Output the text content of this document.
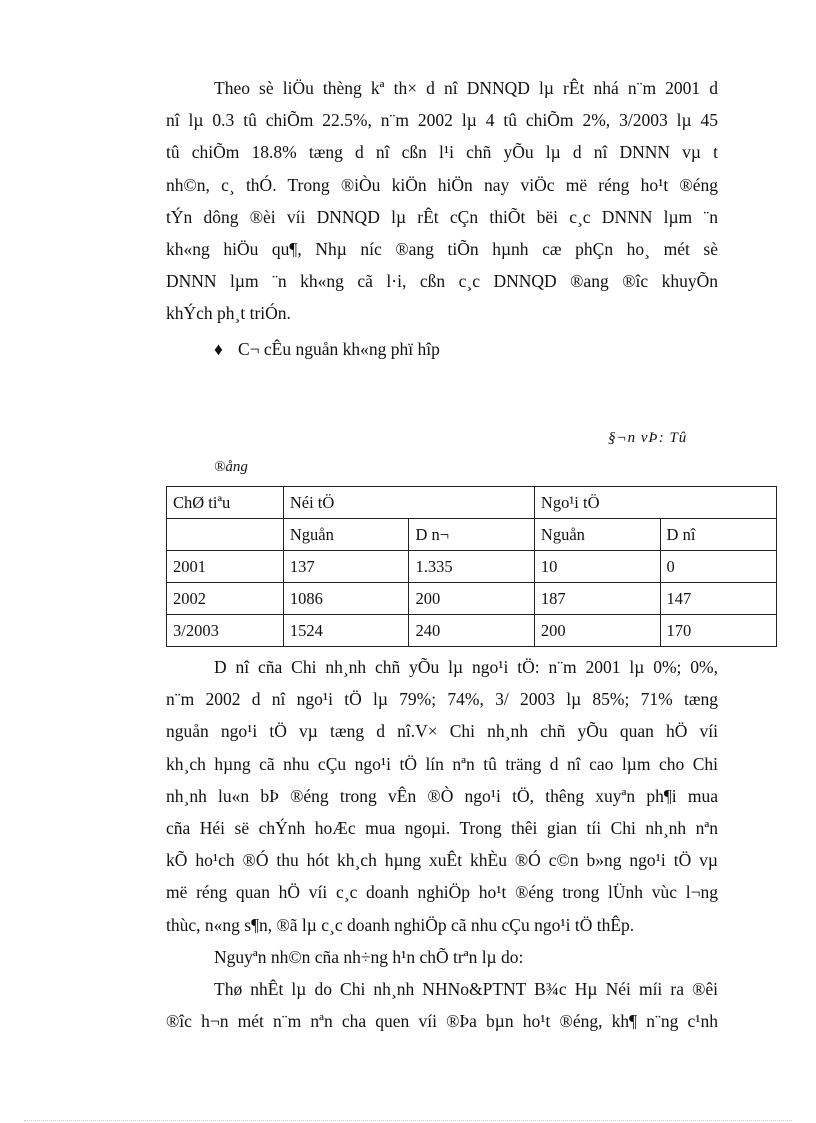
Theo sè liÖu thèng kª th× d nî DNNQD lµ rÊt nhá n¨m 2001 d

nî lµ 0.3 tû chiÕm 22.5%, n¨m 2002 lµ 4 tû chiÕm 2%, 3/2003 lµ 45

tû chiÕm 18.8% tæng d nî cßn l¹i chñ yÕu lµ d nî DNNN vµ t

nh©n, c¸ thÓ. Trong ®iÒu kiÖn hiÖn nay viÖc më réng ho¹t ®éng

tÝn dông ®èi víi DNNQD lµ rÊt cÇn thiÕt bëi c¸c DNNN lµm ¨n

kh«ng hiÖu qu¶, Nhµ níc ®ang tiÕn hµnh cæ phÇn ho¸ mét sè

DNNN lµm ¨n kh«ng cã l·i, cßn c¸c DNNQD ®ang ®îc khuyÕn

khÝch ph¸t triÓn.

♦ C¬ cÊu nguån kh«ng phï hîp
§¬n vÞ: Tû
®ång
ChØ tiªu	Néi tÖ		Ngo¹i tÖ	
	Nguån	D n¬	Nguån	D nî
2001	137	1.335	10	0
2002	1086	200	187	147
3/2003	1524	240	200	170

D nî cña Chi nh¸nh chñ yÕu lµ ngo¹i tÖ: n¨m 2001 lµ 0%; 0%,

n¨m 2002 d nî ngo¹i tÖ lµ 79%; 74%, 3/ 2003 lµ 85%; 71% tæng

nguån ngo¹i tÖ vµ tæng d nî.V× Chi nh¸nh chñ yÕu quan hÖ víi

kh¸ch hµng cã nhu cÇu ngo¹i tÖ lín nªn tû träng d nî cao lµm cho Chi

nh¸nh lu«n bÞ ®éng trong vÊn ®Ò ngo¹i tÖ, thêng xuyªn ph¶i mua

cña Héi së chÝnh hoÆc mua ngoµi. Trong thêi gian tíi Chi nh¸nh nªn

kÕ ho¹ch ®Ó thu hót kh¸ch hµng xuÊt khÈu ®Ó c©n b»ng ngo¹i tÖ vµ

më réng quan hÖ víi c¸c doanh nghiÖp ho¹t ®éng trong lÜnh vùc l¬ng

thùc, n«ng s¶n, ®ã lµ c¸c doanh nghiÖp cã nhu cÇu ngo¹i tÖ thÊp.

Nguyªn nh©n cña nh÷ng h¹n chÕ trªn lµ do:

Thø nhÊt lµ do Chi nh¸nh NHNo&PTNT B¾c Hµ Néi míi ra ®êi

®îc h¬n mét n¨m nªn cha quen víi ®Þa bµn ho¹t ®éng, kh¶ n¨ng c¹nh
